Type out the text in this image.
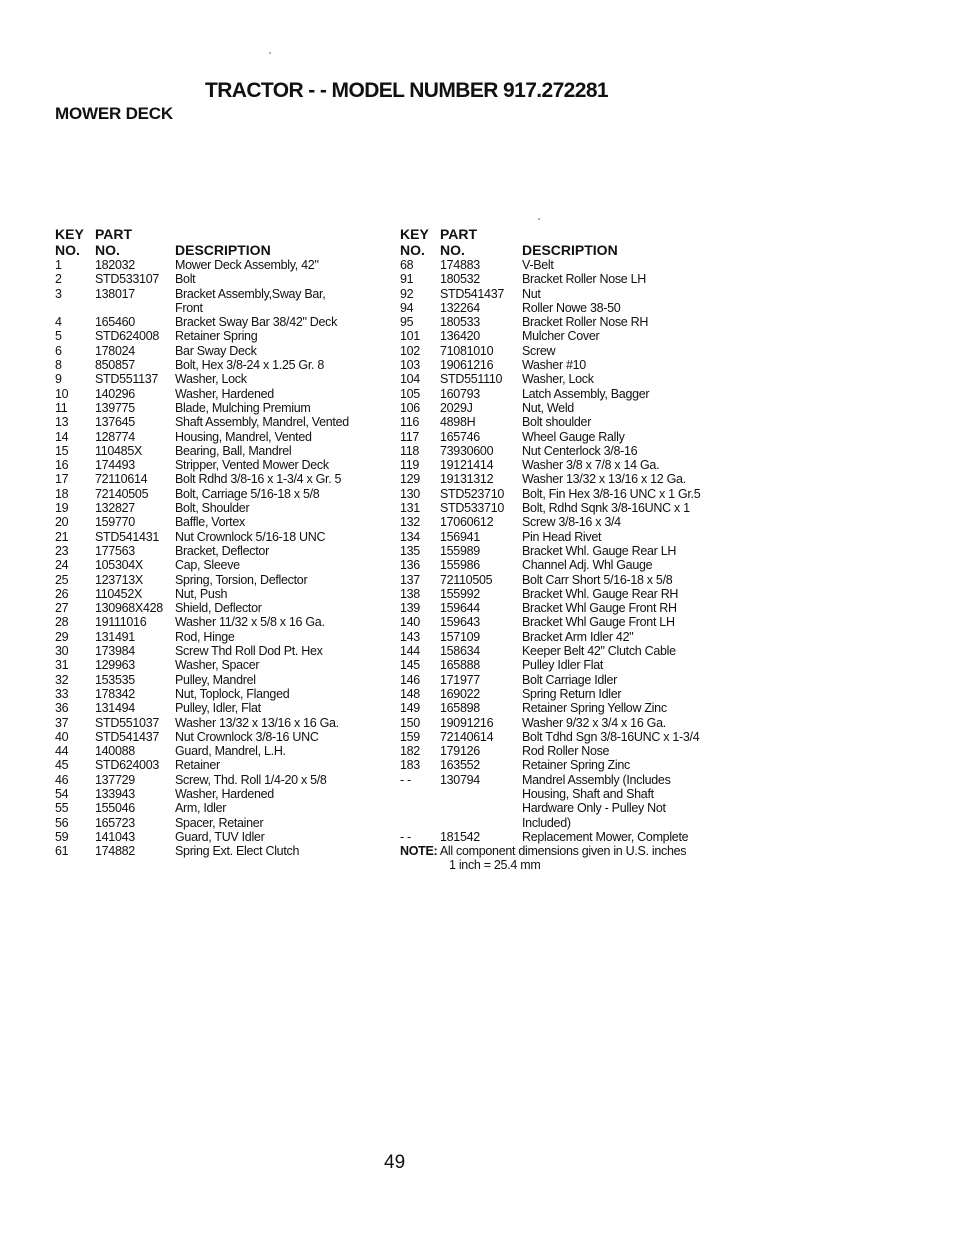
TRACTOR - - MODEL NUMBER 917.272281
MOWER DECK
KEY PART
NO. NO.	DESCRIPTION
1	182032	Mower Deck Assembly, 42"
2	STD533107	Bolt
3	138017	Bracket Assembly,Sway Bar,
Front
4	165460	Bracket Sway Bar 38/42" Deck
5	STD624008	Retainer Spring
6	178024	Bar Sway Deck
8	850857	Bolt, Hex 3/8-24 x 1.25 Gr. 8
9	STD551137	Washer, Lock
10	140296	Washer, Hardened
11	139775	Blade, Mulching Premium
13	137645	Shaft Assembly, Mandrel, Vented
14	128774	Housing, Mandrel, Vented
15	110485X	Bearing, Ball, Mandrel
16	174493	Stripper, Vented Mower Deck
17	72110614	Bolt Rdhd 3/8-16 x 1-3/4 x Gr. 5
18	72140505	Bolt, Carriage 5/16-18 x 5/8
19	132827	Bolt, Shoulder
20	159770	Baffle, Vortex
21	STD541431	Nut Crownlock 5/16-18 UNC
23	177563	Bracket, Deflector
24	105304X	Cap, Sleeve
25	123713X	Spring, Torsion, Deflector
26	110452X	Nut, Push
27	130968X428 Shield, Deflector
28	19111016	Washer 11/32 x 5/8 x 16 Ga.
29	131491	Rod, Hinge
30	173984	Screw Thd Roll Dod Pt. Hex
31	129963	Washer, Spacer
32	153535	Pulley, Mandrel
33	178342	Nut, Toplock, Flanged
36	131494	Pulley, Idler, Flat
37	STD551037	Washer 13/32 x 13/16 x 16 Ga.
40	STD541437	Nut Crownlock 3/8-16 UNC
44	140088	Guard, Mandrel, L.H.
45	STD624003	Retainer
46	137729	Screw, Thd. Roll 1/4-20 x 5/8
54	133943	Washer, Hardened
55	155046	Arm, Idler
56	165723	Spacer, Retainer
59	141043	Guard, TUV Idler
61	174882	Spring Ext. Elect Clutch
KEY PART
NO. NO.	DESCRIPTION
68	174883	V-Belt
91	180532	Bracket Roller Nose LH
92	STD541437	Nut
94	132264	Roller Nowe 38-50
95	180533	Bracket Roller Nose RH
101	136420	Mulcher Cover
102	71081010	Screw
103	19061216	Washer #10
104	STD551110	Washer, Lock
105	160793	Latch Assembly, Bagger
106	2029J	Nut, Weld
116	4898H	Bolt shoulder
117	165746	Wheel Gauge Rally
118	73930600	Nut Centerlock 3/8-16
119	19121414	Washer 3/8 x 7/8 x 14 Ga.
129	19131312	Washer 13/32 x 13/16 x 12 Ga.
130	STD523710	Bolt, Fin Hex 3/8-16 UNC x 1 Gr.5
131	STD533710	Bolt, Rdhd Sqnk 3/8-16UNC x 1
132	17060612	Screw 3/8-16 x 3/4
134	156941	Pin Head Rivet
135	155989	Bracket Whl. Gauge Rear LH
136	155986	Channel Adj. Whl Gauge
137	72110505	Bolt Carr Short 5/16-18 x 5/8
138	155992	Bracket Whl. Gauge Rear RH
139	159644	Bracket Whl Gauge Front RH
140	159643	Bracket Whl Gauge Front LH
143	157109	Bracket Arm Idler 42"
144	158634	Keeper Belt 42" Clutch Cable
145	165888	Pulley Idler Flat
146	171977	Bolt Carriage Idler
148	169022	Spring Return Idler
149	165898	Retainer Spring Yellow Zinc
150	19091216	Washer 9/32 x 3/4 x 16 Ga.
159	72140614	Bolt Tdhd Sgn 3/8-16UNC x 1-3/4
182	179126	Rod Roller Nose
183	163552	Retainer Spring Zinc
- -	130794	Mandrel Assembly (Includes
Housing, Shaft and Shaft
Hardware Only - Pulley Not
Included)
- -	181542	Replacement Mower, Complete
NOTE: All component dimensions given in U.S. inches
1 inch = 25.4 mm
49
